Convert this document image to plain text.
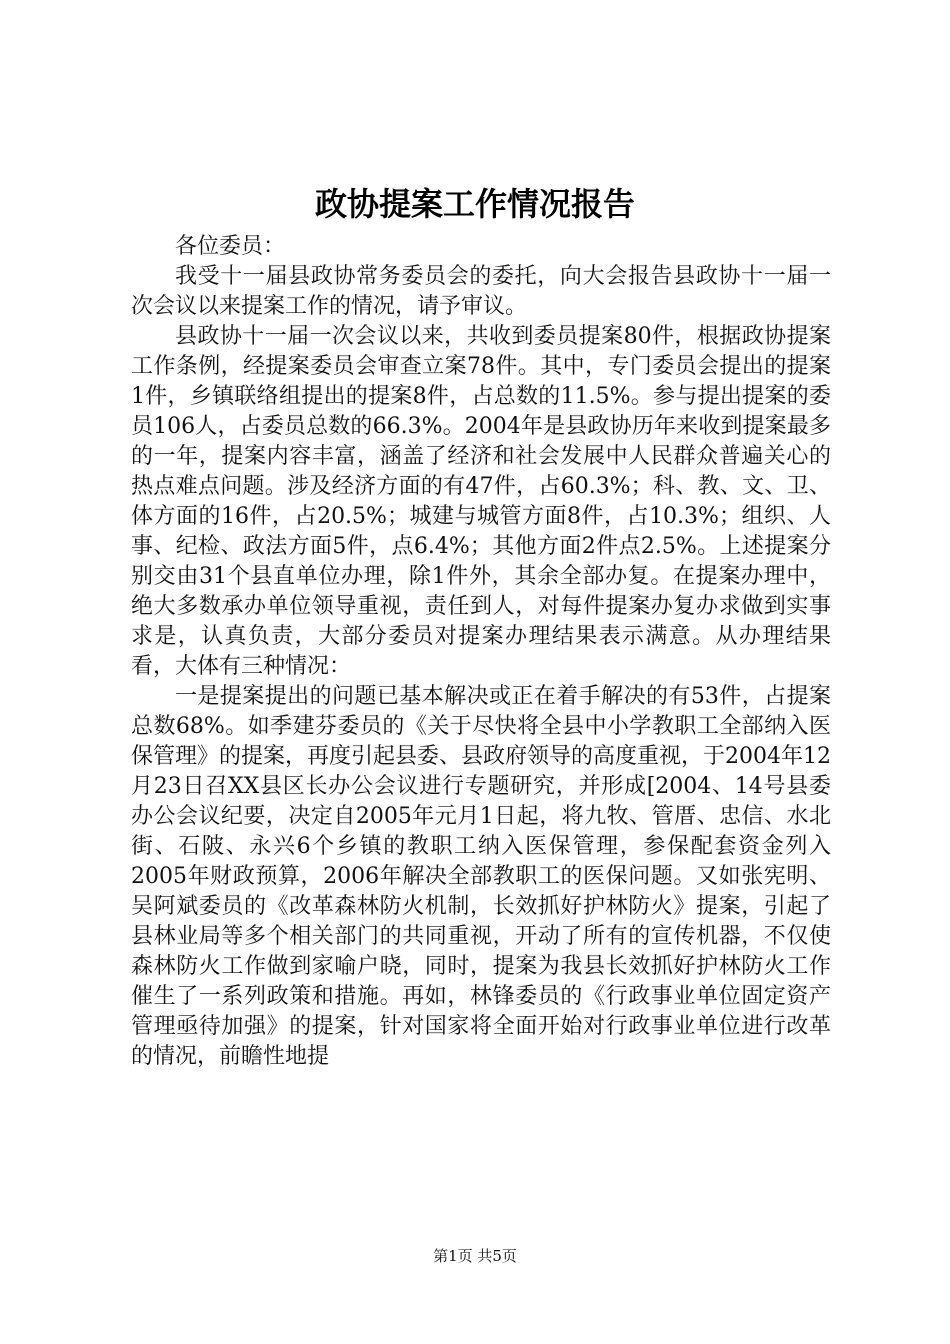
政协提案工作情况报告

各位委员：

我受十一届县政协常务委员会的委托，向大会报告县政协十一届一次会议以来提案工作的情况，请予审议。

县政协十一届一次会议以来，共收到委员提案80件，根据政协提案工作条例，经提案委员会审查立案78件。其中，专门委员会提出的提案1件，乡镇联络组提出的提案8件，占总数的11.5%。参与提出提案的委员106人，占委员总数的66.3%。2004年是县政协历年来收到提案最多的一年，提案内容丰富，涵盖了经济和社会发展中人民群众普遍关心的热点难点问题。涉及经济方面的有47件，占60.3%；科、教、文、卫、体方面的16件，占20.5%；城建与城管方面8件，占10.3%；组织、人事、纪检、政法方面5件，点6.4%；其他方面2件点2.5%。上述提案分别交由31个县直单位办理，除1件外，其余全部办复。在提案办理中，绝大多数承办单位领导重视，责任到人，对每件提案办复办求做到实事求是，认真负责，大部分委员对提案办理结果表示满意。从办理结果看，大体有三种情况：

一是提案提出的问题已基本解决或正在着手解决的有53件，占提案总数68%。如季建芬委员的《关于尽快将全县中小学教职工全部纳入医保管理》的提案，再度引起县委、县政府领导的高度重视，于2004年12月23日召XX县区长办公会议进行专题研究，并形成[2004、14号县委办公会议纪要，决定自2005年元月1日起，将九牧、管厝、忠信、水北街、石陂、永兴6个乡镇的教职工纳入医保管理，参保配套资金列入2005年财政预算，2006年解决全部教职工的医保问题。又如张宪明、吴阿斌委员的《改革森林防火机制，长效抓好护林防火》提案，引起了县林业局等多个相关部门的共同重视，开动了所有的宣传机器，不仅使森林防火工作做到家喻户晓，同时，提案为我县长效抓好护林防火工作催生了一系列政策和措施。再如，林锋委员的《行政事业单位固定资产管理亟待加强》的提案，针对国家将全面开始对行政事业单位进行改革的情况，前瞻性地提

第1页 共5页
